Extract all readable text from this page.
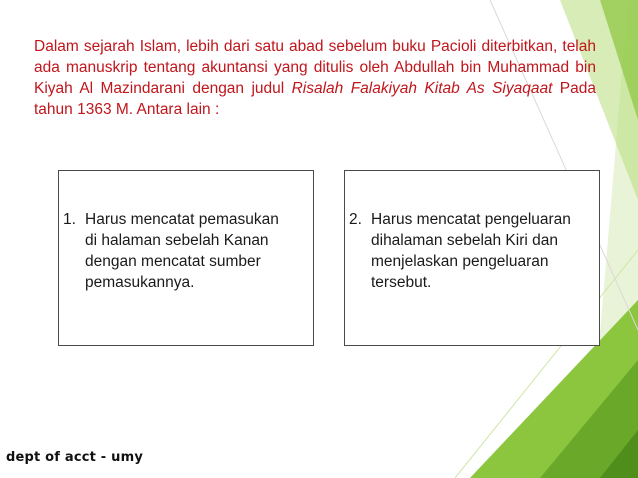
Dalam sejarah Islam, lebih dari satu abad sebelum buku Pacioli diterbitkan, telah ada manuskrip tentang akuntansi yang ditulis oleh Abdullah bin Muhammad bin Kiyah Al Mazindarani dengan judul Risalah Falakiyah Kitab As Siyaqaat Pada tahun 1363 M. Antara lain :

1. Harus mencatat pemasukan
di halaman sebelah Kanan
dengan mencatat sumber
pemasukannya.

2. Harus mencatat pengeluaran
dihalaman sebelah Kiri dan
menjelaskan pengeluaran
tersebut.

dept of acct - umy
